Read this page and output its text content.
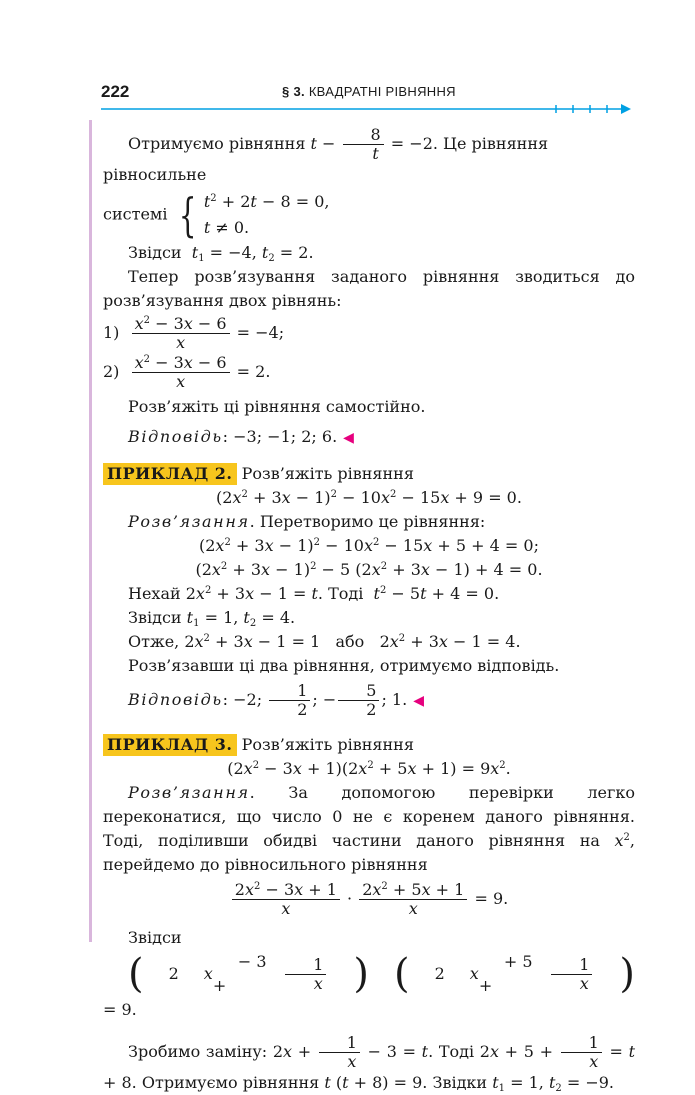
222	§ 3. КВАДРАТНІ РІВНЯННЯ

Отримуємо рівняння $t - \frac{8}{t} = -2$. Це рівняння рівносильне

системі { $t^2 + 2t - 8 = 0$,
t ≠ 0.

Звідси $t_1 = -4$, $t_2 = 2$.

Тепер розв’язування заданого рівняння зводиться до розв’язування двох рівнянь:

$1) \frac{x^2 - 3x - 6}{x} = -4$;

$2) \frac{x^2 - 3x - 6}{x} = 2$.

Розв’яжіть ці рівняння самостійно.

Відповідь: −3; −1; 2; 6. ◀

ПРИКЛАД 2. Розв’яжіть рівняння

$(2x^2 + 3x - 1)^2 - 10x^2 - 15x + 9 = 0$.

Розв’язання. Перетворимо це рівняння:

$(2x^2 + 3x - 1)^2 - 10x^2 - 15x + 5 + 4 = 0$;

$(2x^2 + 3x - 1)^2 - 5$ $(2x^2 + 3x - 1) + 4 = 0$.

Нехай $2x^2 + 3x - 1 = t$. Тоді $t^2 - 5t + 4 = 0$.

Звідси $t_1 = 1$, $t_2 = 4$.

Отже, $2x^2 + 3x - 1 = 1$   або   $2x^2 + 3x - 1 = 4$.

Розв’язавши ці два рівняння, отримуємо відповідь.

Відповідь: −2; $\frac{1}{2}$ ; − $\frac{5}{2}$ ; 1. ◀

ПРИКЛАД 3. Розв’яжіть рівняння

$(2x^2 - 3x + 1)(2x^2 + 5x + 1) = 9x^2$.

Розв’язання. За допомогою перевірки легко переконатися, що число 0 не є коренем даного рівняння. Тоді, поділивши обидві частини даного рівняння на $x^2$, перейдемо до рівносильного рівняння

$\frac{2x^2 - 3x + 1}{x} \cdot \frac{2x^2 + 5x + 1}{x} = 9$.

Звідси
( 2	x
− 3 +	$\frac{1}{x}$ ) ( 2	x
+ 5 +	$\frac{1}{x}$ )
= 9.

Зробимо заміну: $2x + \frac{1}{x} - 3 = t$. Тоді $2x + 5 + \frac{1}{x} = t + 8$. Отримуємо рівняння t (t + 8) = 9. Звідки $t_1 = 1$, $t_2 = -9$.
